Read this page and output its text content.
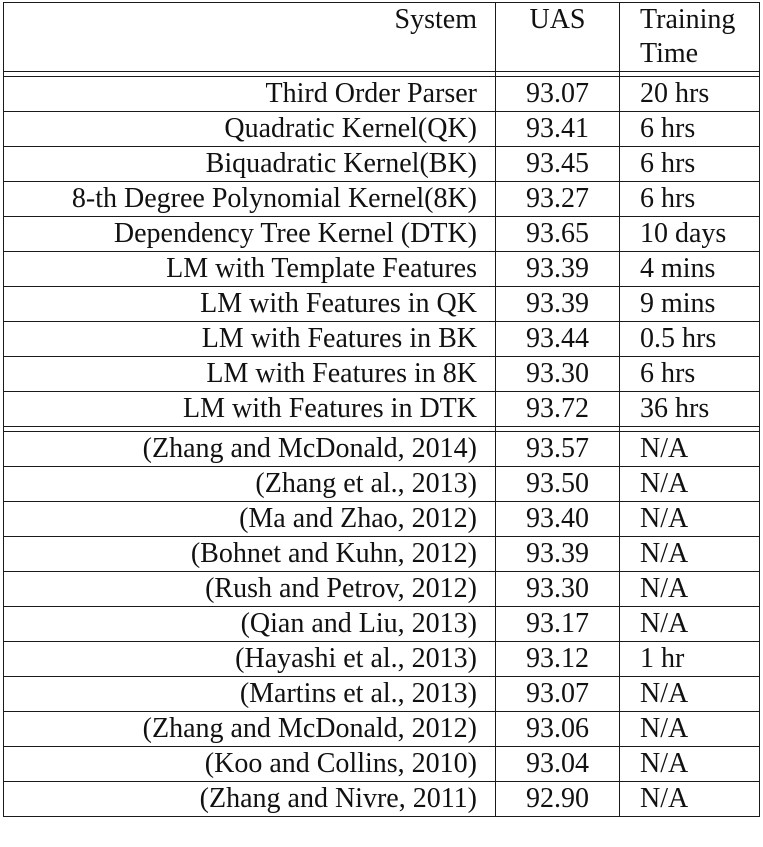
System	UAS	Training
Time

Third Order Parser	93.07	20 hrs
Quadratic Kernel(QK)	93.41	6 hrs
Biquadratic Kernel(BK)	93.45	6 hrs
8-th Degree Polynomial Kernel(8K)	93.27	6 hrs
Dependency Tree Kernel (DTK)	93.65	10 days
LM with Template Features	93.39	4 mins
LM with Features in QK	93.39	9 mins
LM with Features in BK	93.44	0.5 hrs
LM with Features in 8K	93.30	6 hrs
LM with Features in DTK	93.72	36 hrs

(Zhang and McDonald, 2014)	93.57	N/A
(Zhang et al., 2013)	93.50	N/A
(Ma and Zhao, 2012)	93.40	N/A
(Bohnet and Kuhn, 2012)	93.39	N/A
(Rush and Petrov, 2012)	93.30	N/A
(Qian and Liu, 2013)	93.17	N/A
(Hayashi et al., 2013)	93.12	1 hr
(Martins et al., 2013)	93.07	N/A
(Zhang and McDonald, 2012)	93.06	N/A
(Koo and Collins, 2010)	93.04	N/A
(Zhang and Nivre, 2011)	92.90	N/A
